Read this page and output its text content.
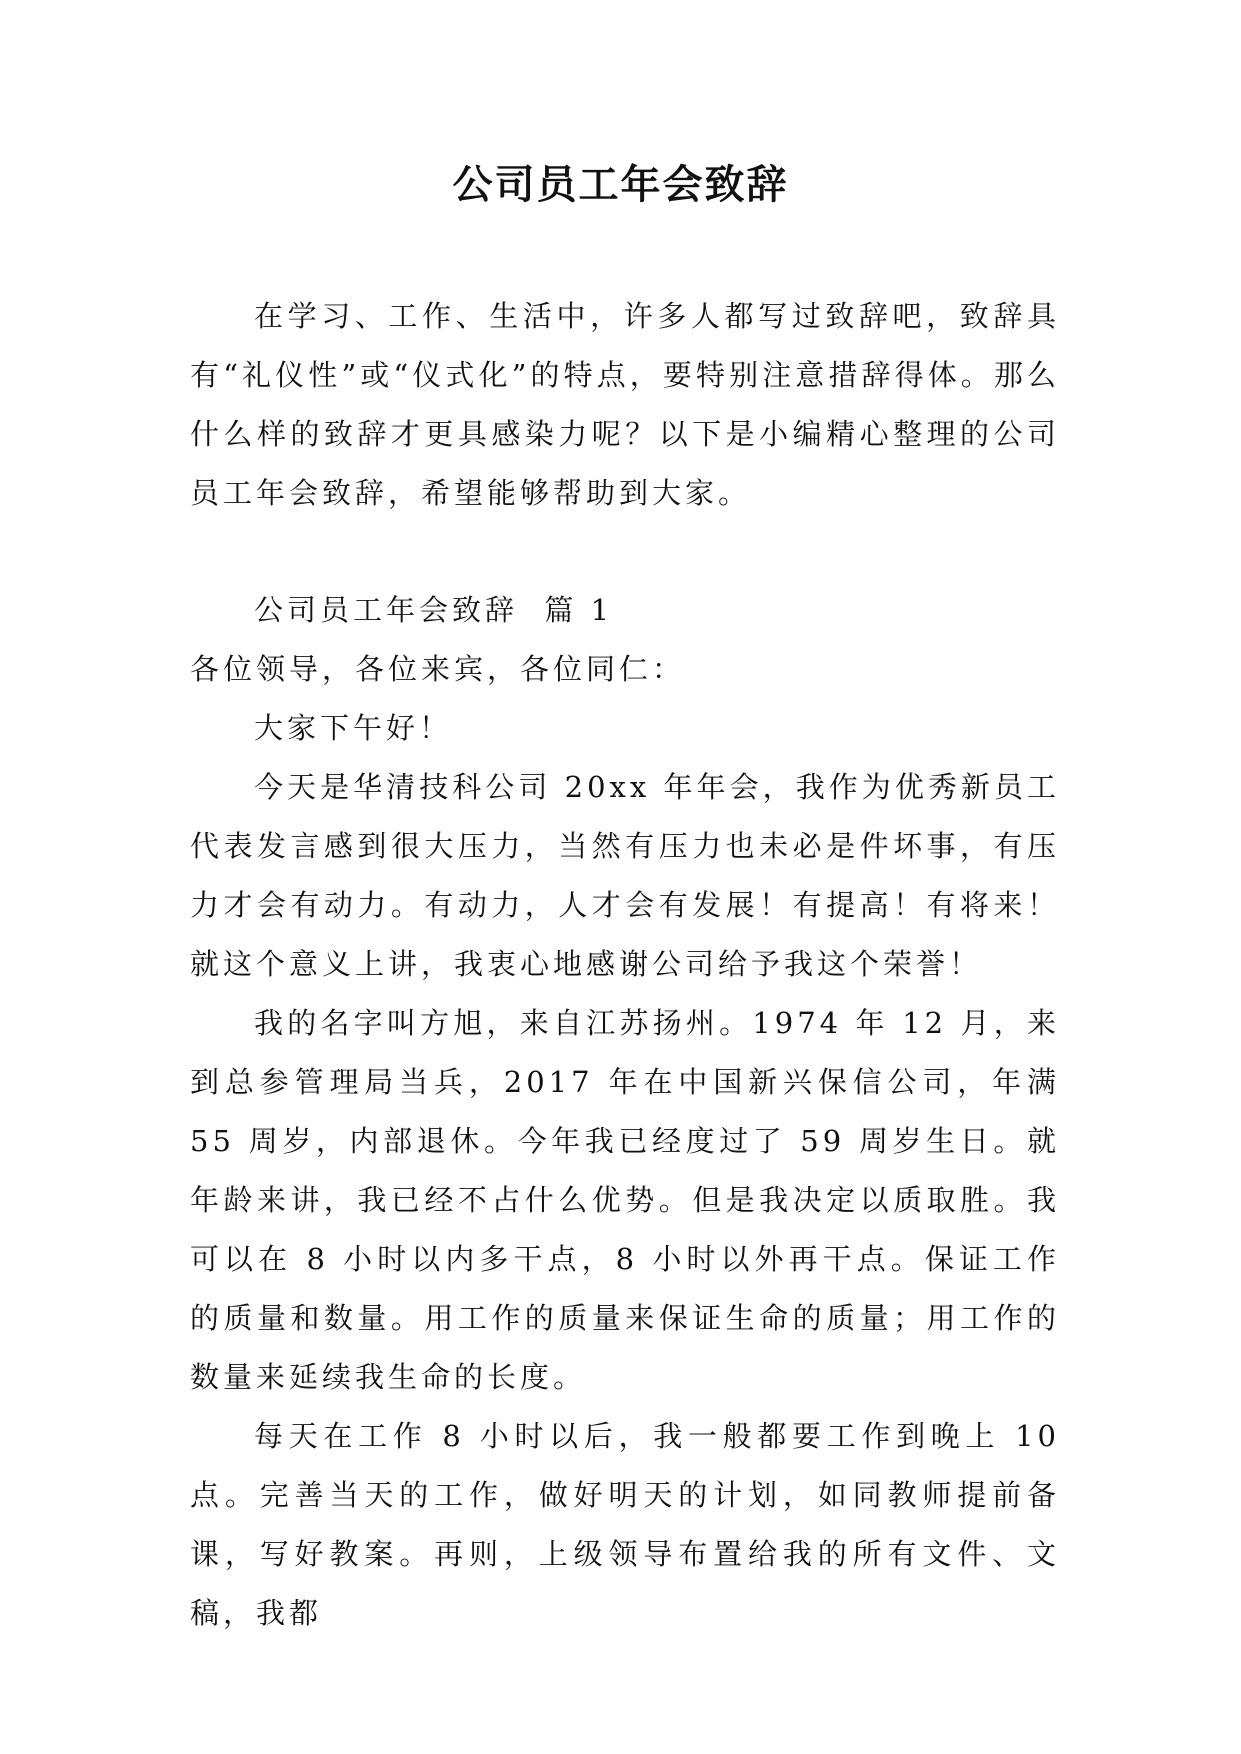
公司员工年会致辞

在学习、工作、生活中，许多人都写过致辞吧，致辞具有“礼仪性”或“仪式化”的特点，要特别注意措辞得体。那么什么样的致辞才更具感染力呢？以下是小编精心整理的公司员工年会致辞，希望能够帮助到大家。

公司员工年会致辞  篇 1

各位领导，各位来宾，各位同仁：

大家下午好！

今天是华清技科公司 20xx 年年会，我作为优秀新员工代表发言感到很大压力，当然有压力也未必是件坏事，有压力才会有动力。有动力，人才会有发展！有提高！有将来！就这个意义上讲，我衷心地感谢公司给予我这个荣誉！

我的名字叫方旭，来自江苏扬州。1974 年 12 月，来到总参管理局当兵，2017 年在中国新兴保信公司，年满 55 周岁，内部退休。今年我已经度过了 59 周岁生日。就年龄来讲，我已经不占什么优势。但是我决定以质取胜。我可以在 8 小时以内多干点，8 小时以外再干点。保证工作的质量和数量。用工作的质量来保证生命的质量；用工作的数量来延续我生命的长度。

每天在工作 8 小时以后，我一般都要工作到晚上 10 点。完善当天的工作，做好明天的计划，如同教师提前备课，写好教案。再则，上级领导布置给我的所有文件、文稿，我都
